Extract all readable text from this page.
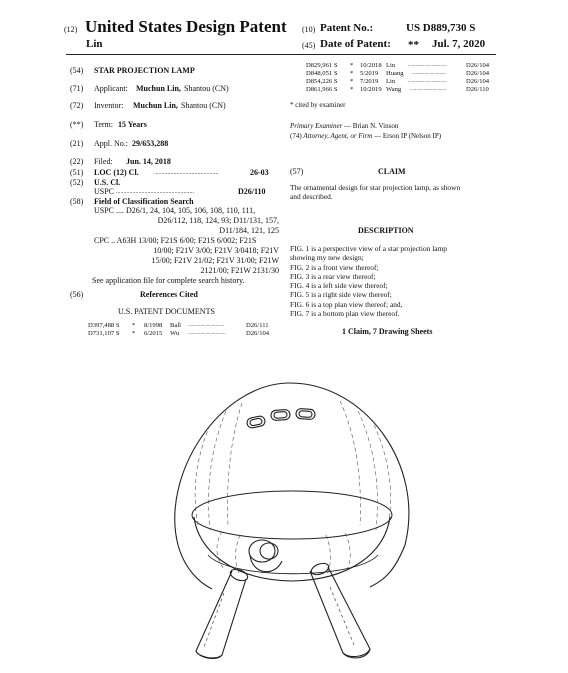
(12) United States Design Patent
Lin
(10) Patent No.:	US D889,730 S
(45) Date of Patent: ** Jul. 7, 2020
(54) STAR PROJECTION LAMP
(71) Applicant: Muchun Lin, Shantou (CN)
(72) Inventor: Muchun Lin, Shantou (CN)
(**) Term: 15 Years
(21) Appl. No.: 29/653,288
(22) Filed: Jun. 14, 2018
(51) LOC (12) Cl.	...........................................	26-03
(52) U.S. Cl.
USPC ....................................................	D26/110
(58) Field of Classification Search
USPC .... D26/1, 24, 104, 105, 106, 108, 110, 111,
D26/112, 118, 124, 93; D11/131, 157,
D11/184, 121, 125
CPC .. A63H 13/00; F21S 6/00; F21S 6/002; F21S
10/00; F21V 3/00; F21V 3/0418; F21V
15/00; F21V 21/02; F21V 31/00; F21W
2121/00; F21W 2131/30
See application file for complete search history.
(56)	References Cited
U.S. PATENT DOCUMENTS
D397,488 S * 8/1998 Ball .............................	D26/111
D731,107 S * 6/2015 Wu ..............................	D26/104
D829,961 S * 10/2018 Lin	...............................	D26/104
D848,051 S * 5/2019 Huang ...........................	D26/104
D854,226 S * 7/2019 Lin	...............................	D26/104
D861,966 S * 10/2019 Wang .............................	D26/110
* cited by examiner
Primary Examiner — Brian N. Vinson
(74) Attorney, Agent, or Firm — Erson IP (Nelson IP)
(57)	CLAIM
The ornamental design for star projection lamp, as shown
and described.
DESCRIPTION
FIG. 1 is a perspective view of a star projection lamp
showing my new design;
FIG. 2 is a front view thereof;
FIG. 3 is a rear view thereof;
FIG. 4 is a left side view thereof;
FIG. 5 is a right side view thereof;
FIG. 6 is a top plan view thereof; and,
FIG. 7 is a bottom plan view thereof.
1 Claim, 7 Drawing Sheets
